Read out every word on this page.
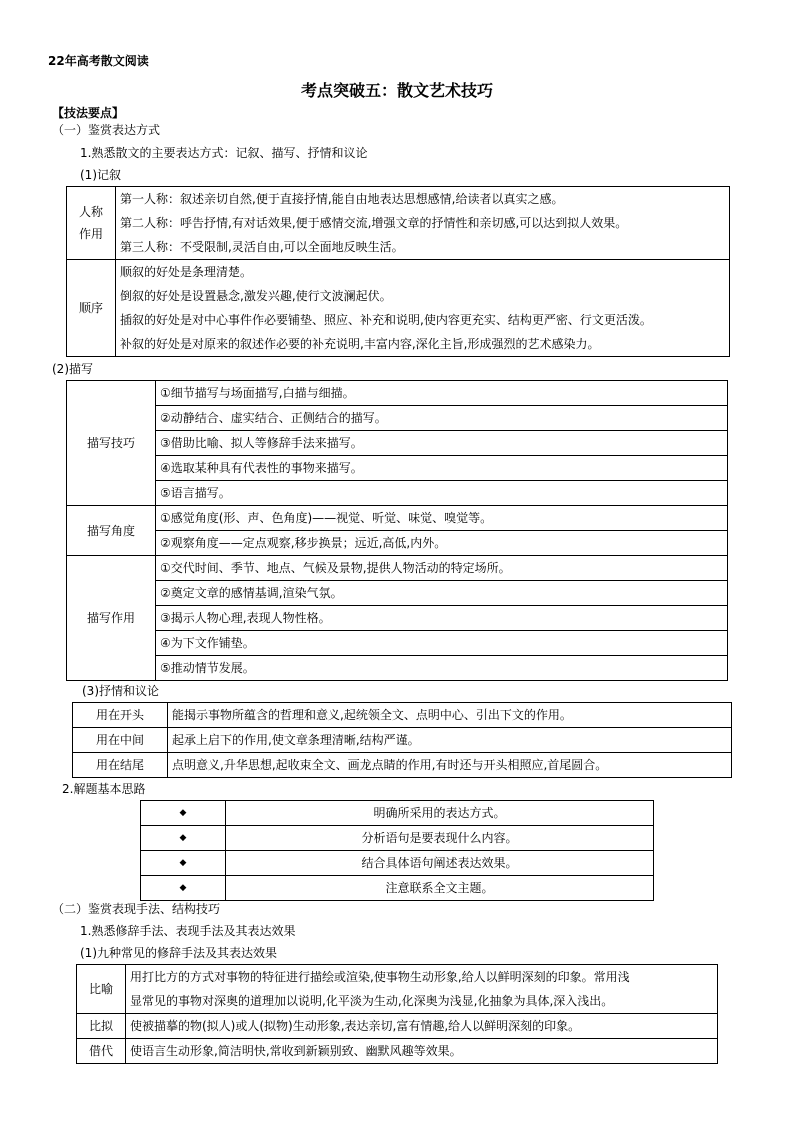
22年高考散文阅读
考点突破五：散文艺术技巧
【技法要点】
（一）鉴赏表达方式
1.熟悉散文的主要表达方式：记叙、描写、抒情和议论
(1)记叙
人称作用	第一人称：叙述亲切自然,便于直接抒情,能自由地表达思想感情,给读者以真实之感。
第二人称：呼告抒情,有对话效果,便于感情交流,增强文章的抒情性和亲切感,可以达到拟人效果。
第三人称：不受限制,灵活自由,可以全面地反映生活。

顺序	顺叙的好处是条理清楚。
倒叙的好处是设置悬念,激发兴趣,使行文波澜起伏。
插叙的好处是对中心事件作必要铺垫、照应、补充和说明,使内容更充实、结构更严密、行文更活泼。
补叙的好处是对原来的叙述作必要的补充说明,丰富内容,深化主旨,形成强烈的艺术感染力。
(2)描写
描写技巧	①细节描写与场面描写,白描与细描。
	②动静结合、虚实结合、正侧结合的描写。
	③借助比喻、拟人等修辞手法来描写。
	④选取某种具有代表性的事物来描写。
	⑤语言描写。
描写角度	①感觉角度(形、声、色角度)——视觉、听觉、味觉、嗅觉等。
	②观察角度——定点观察,移步换景；远近,高低,内外。
描写作用	①交代时间、季节、地点、气候及景物,提供人物活动的特定场所。
	②奠定文章的感情基调,渲染气氛。
	③揭示人物心理,表现人物性格。
	④为下文作铺垫。
	⑤推动情节发展。
(3)抒情和议论
用在开头	能揭示事物所蕴含的哲理和意义,起统领全文、点明中心、引出下文的作用。
用在中间	起承上启下的作用,使文章条理清晰,结构严谨。
用在结尾	点明意义,升华思想,起收束全文、画龙点睛的作用,有时还与开头相照应,首尾圆合。
2.解题基本思路
◆	明确所采用的表达方式。
◆	分析语句是要表现什么内容。
◆	结合具体语句阐述表达效果。
◆	注意联系全文主题。
（二）鉴赏表现手法、结构技巧
1.熟悉修辞手法、表现手法及其表达效果
(1)九种常见的修辞手法及其表达效果
比喻	用打比方的方式对事物的特征进行描绘或渲染,使事物生动形象,给人以鲜明深刻的印象。常用浅
显常见的事物对深奥的道理加以说明,化平淡为生动,化深奥为浅显,化抽象为具体,深入浅出。

比拟	使被描摹的物(拟人)或人(拟物)生动形象,表达亲切,富有情趣,给人以鲜明深刻的印象。
借代	使语言生动形象,简洁明快,常收到新颖别致、幽默风趣等效果。
